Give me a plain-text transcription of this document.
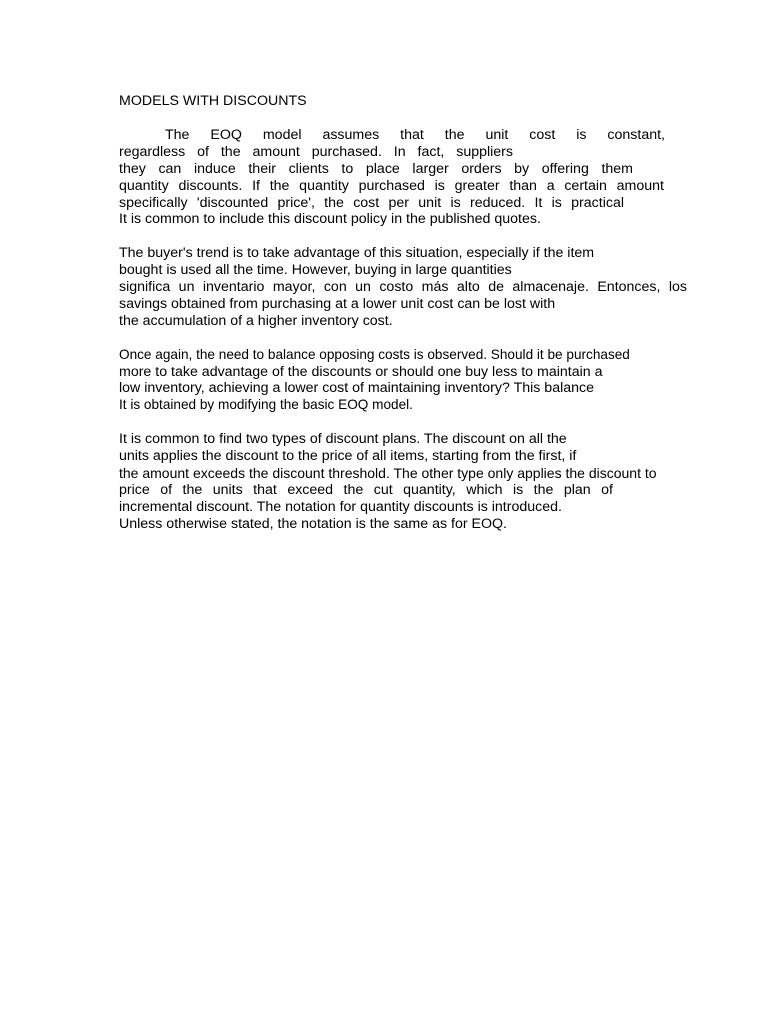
MODELS WITH DISCOUNTS
The EOQ model assumes that the unit cost is constant,
regardless of the amount purchased. In fact, suppliers
they can induce their clients to place larger orders by offering them
quantity discounts. If the quantity purchased is greater than a certain amount
specifically 'discounted price', the cost per unit is reduced. It is practical
It is common to include this discount policy in the published quotes.
The buyer's trend is to take advantage of this situation, especially if the item
bought is used all the time. However, buying in large quantities
significa un inventario mayor, con un costo más alto de almacenaje. Entonces, los
savings obtained from purchasing at a lower unit cost can be lost with
the accumulation of a higher inventory cost.
Once again, the need to balance opposing costs is observed. Should it be purchased
more to take advantage of the discounts or should one buy less to maintain a
low inventory, achieving a lower cost of maintaining inventory? This balance
It is obtained by modifying the basic EOQ model.
It is common to find two types of discount plans. The discount on all the
units applies the discount to the price of all items, starting from the first, if
the amount exceeds the discount threshold. The other type only applies the discount to
price of the units that exceed the cut quantity, which is the plan of
incremental discount. The notation for quantity discounts is introduced.
Unless otherwise stated, the notation is the same as for EOQ.
